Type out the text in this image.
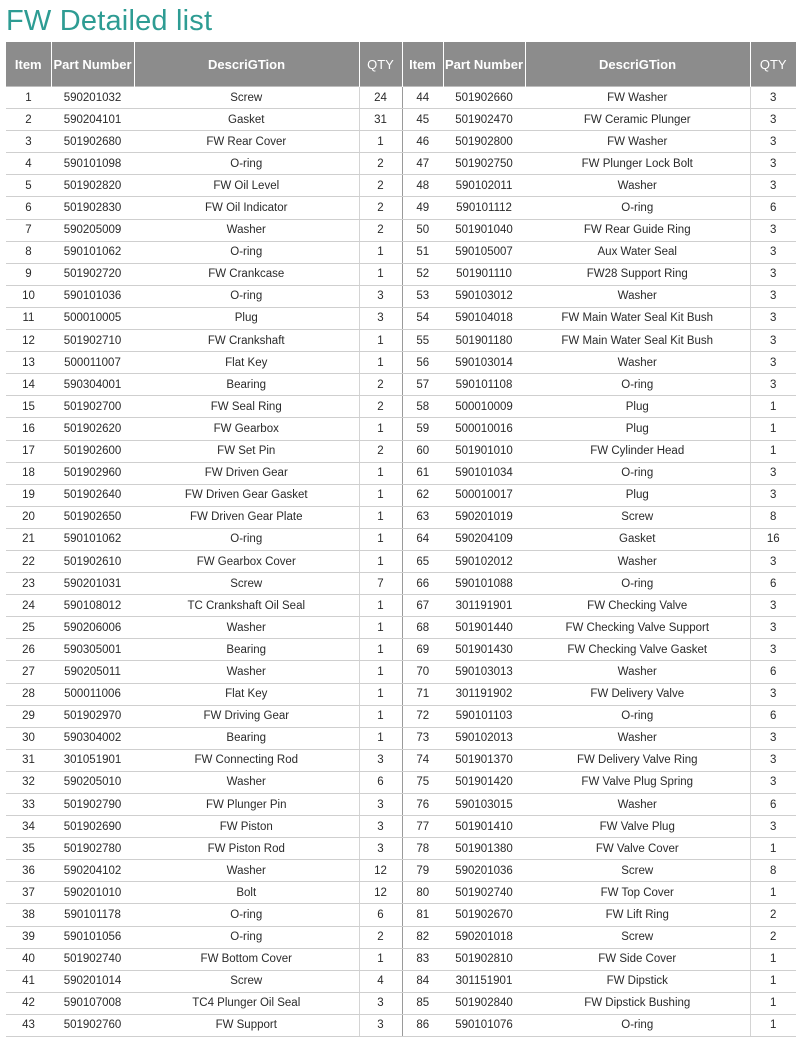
FW Detailed list
Item	Part Number	DescriGTion	QTY	Item	Part Number	DescriGTion	QTY
1	590201032	Screw	24	44	501902660	FW Washer	3
2	590204101	Gasket	31	45	501902470	FW Ceramic Plunger	3
3	501902680	FW Rear Cover	1	46	501902800	FW Washer	3
4	590101098	O-ring	2	47	501902750	FW Plunger Lock Bolt	3
5	501902820	FW Oil Level	2	48	590102011	Washer	3
6	501902830	FW Oil Indicator	2	49	590101112	O-ring	6
7	590205009	Washer	2	50	501901040	FW Rear Guide Ring	3
8	590101062	O-ring	1	51	590105007	Aux Water Seal	3
9	501902720	FW Crankcase	1	52	501901110	FW28 Support Ring	3
10	590101036	O-ring	3	53	590103012	Washer	3
11	500010005	Plug	3	54	590104018	FW Main Water Seal Kit Bush	3
12	501902710	FW Crankshaft	1	55	501901180	FW Main Water Seal Kit Bush	3
13	500011007	Flat Key	1	56	590103014	Washer	3
14	590304001	Bearing	2	57	590101108	O-ring	3
15	501902700	FW Seal Ring	2	58	500010009	Plug	1
16	501902620	FW Gearbox	1	59	500010016	Plug	1
17	501902600	FW Set Pin	2	60	501901010	FW Cylinder Head	1
18	501902960	FW Driven Gear	1	61	590101034	O-ring	3
19	501902640	FW Driven Gear Gasket	1	62	500010017	Plug	3
20	501902650	FW Driven Gear Plate	1	63	590201019	Screw	8
21	590101062	O-ring	1	64	590204109	Gasket	16
22	501902610	FW Gearbox Cover	1	65	590102012	Washer	3
23	590201031	Screw	7	66	590101088	O-ring	6
24	590108012	TC Crankshaft Oil Seal	1	67	301191901	FW Checking Valve	3
25	590206006	Washer	1	68	501901440	FW Checking Valve Support	3
26	590305001	Bearing	1	69	501901430	FW Checking Valve Gasket	3
27	590205011	Washer	1	70	590103013	Washer	6
28	500011006	Flat Key	1	71	301191902	FW Delivery Valve	3
29	501902970	FW Driving Gear	1	72	590101103	O-ring	6
30	590304002	Bearing	1	73	590102013	Washer	3
31	301051901	FW Connecting Rod	3	74	501901370	FW Delivery Valve Ring	3
32	590205010	Washer	6	75	501901420	FW Valve Plug Spring	3
33	501902790	FW Plunger Pin	3	76	590103015	Washer	6
34	501902690	FW Piston	3	77	501901410	FW Valve Plug	3
35	501902780	FW Piston Rod	3	78	501901380	FW Valve Cover	1
36	590204102	Washer	12	79	590201036	Screw	8
37	590201010	Bolt	12	80	501902740	FW Top Cover	1
38	590101178	O-ring	6	81	501902670	FW Lift Ring	2
39	590101056	O-ring	2	82	590201018	Screw	2
40	501902740	FW Bottom Cover	1	83	501902810	FW Side Cover	1
41	590201014	Screw	4	84	301151901	FW Dipstick	1
42	590107008	TC4 Plunger Oil Seal	3	85	501902840	FW Dipstick Bushing	1
43	501902760	FW Support	3	86	590101076	O-ring	1
